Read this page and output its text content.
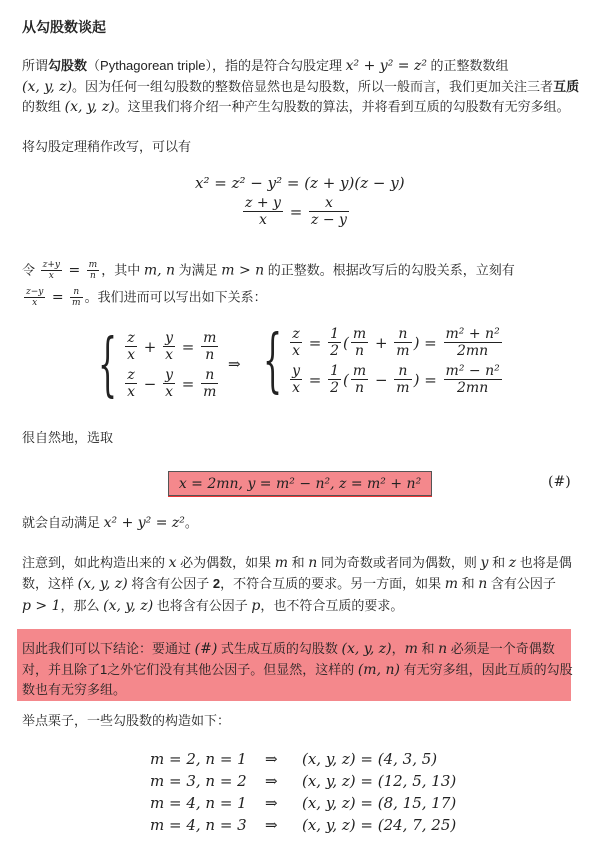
从勾股数谈起
所谓勾股数（Pythagorean triple），指的是符合勾股定理 x² + y² = z² 的正整数数组
(x, y, z)。因为任何一组勾股数的整数倍显然也是勾股数，所以一般而言，我们更加关注三者互质
的数组 (x, y, z)。这里我们将介绍一种产生勾股数的算法，并将看到互质的勾股数有无穷多组。
将勾股定理稍作改写，可以有
x² = z² − y² = (z + y)(z − y)
$\frac{z + y}{x} = \frac{x}{z - y}$
令 $\frac{z+y}{x} = \frac{m}{n}$ ，其中 m, n 为满足 m > n 的正整数。根据改写后的勾股关系，立刻有
$\frac{z-y}{x} = \frac{n}{m}$ 。我们进而可以写出如下关系：
{ $\frac{z}{x} + \frac{y}{x} = \frac{m}{n}$
$\frac{z}{x} - \frac{y}{x} = \frac{n}{m}$
⇒ { $\frac{z}{x} = \frac{1}{2}$ ( $\frac{m}{n} + \frac{n}{m}$ ) = $\frac{\text{m² + n²}}{2mn}$
$\frac{y}{x} = \frac{1}{2}$ ( $\frac{m}{n} - \frac{n}{m}$ ) = $\frac{\text{m² − n²}}{2mn}$
很自然地，选取
x = 2mn, y = m² − n², z = m² + n²	(#)
就会自动满足 x² + y² = z²。
注意到，如此构造出来的 x 必为偶数，如果 m 和 n 同为奇数或者同为偶数，则 y 和 z 也将是偶
数，这样 (x, y, z) 将含有公因子 2，不符合互质的要求。另一方面，如果 m 和 n 含有公因子
p > 1，那么 (x, y, z) 也将含有公因子 p，也不符合互质的要求。
因此我们可以下结论：要通过 (#) 式生成互质的勾股数 (x, y, z)，m 和 n 必须是一个奇偶数
对，并且除了1之外它们没有其他公因子。但显然，这样的 (m, n) 有无穷多组，因此互质的勾股
数也有无穷多组。
举点栗子，一些勾股数的构造如下：
m = 2, n = 1 ⇒ (x, y, z) = (4, 3, 5)
m = 3, n = 2 ⇒ (x, y, z) = (12, 5, 13)
m = 4, n = 1 ⇒ (x, y, z) = (8, 15, 17)
m = 4, n = 3 ⇒ (x, y, z) = (24, 7, 25)
